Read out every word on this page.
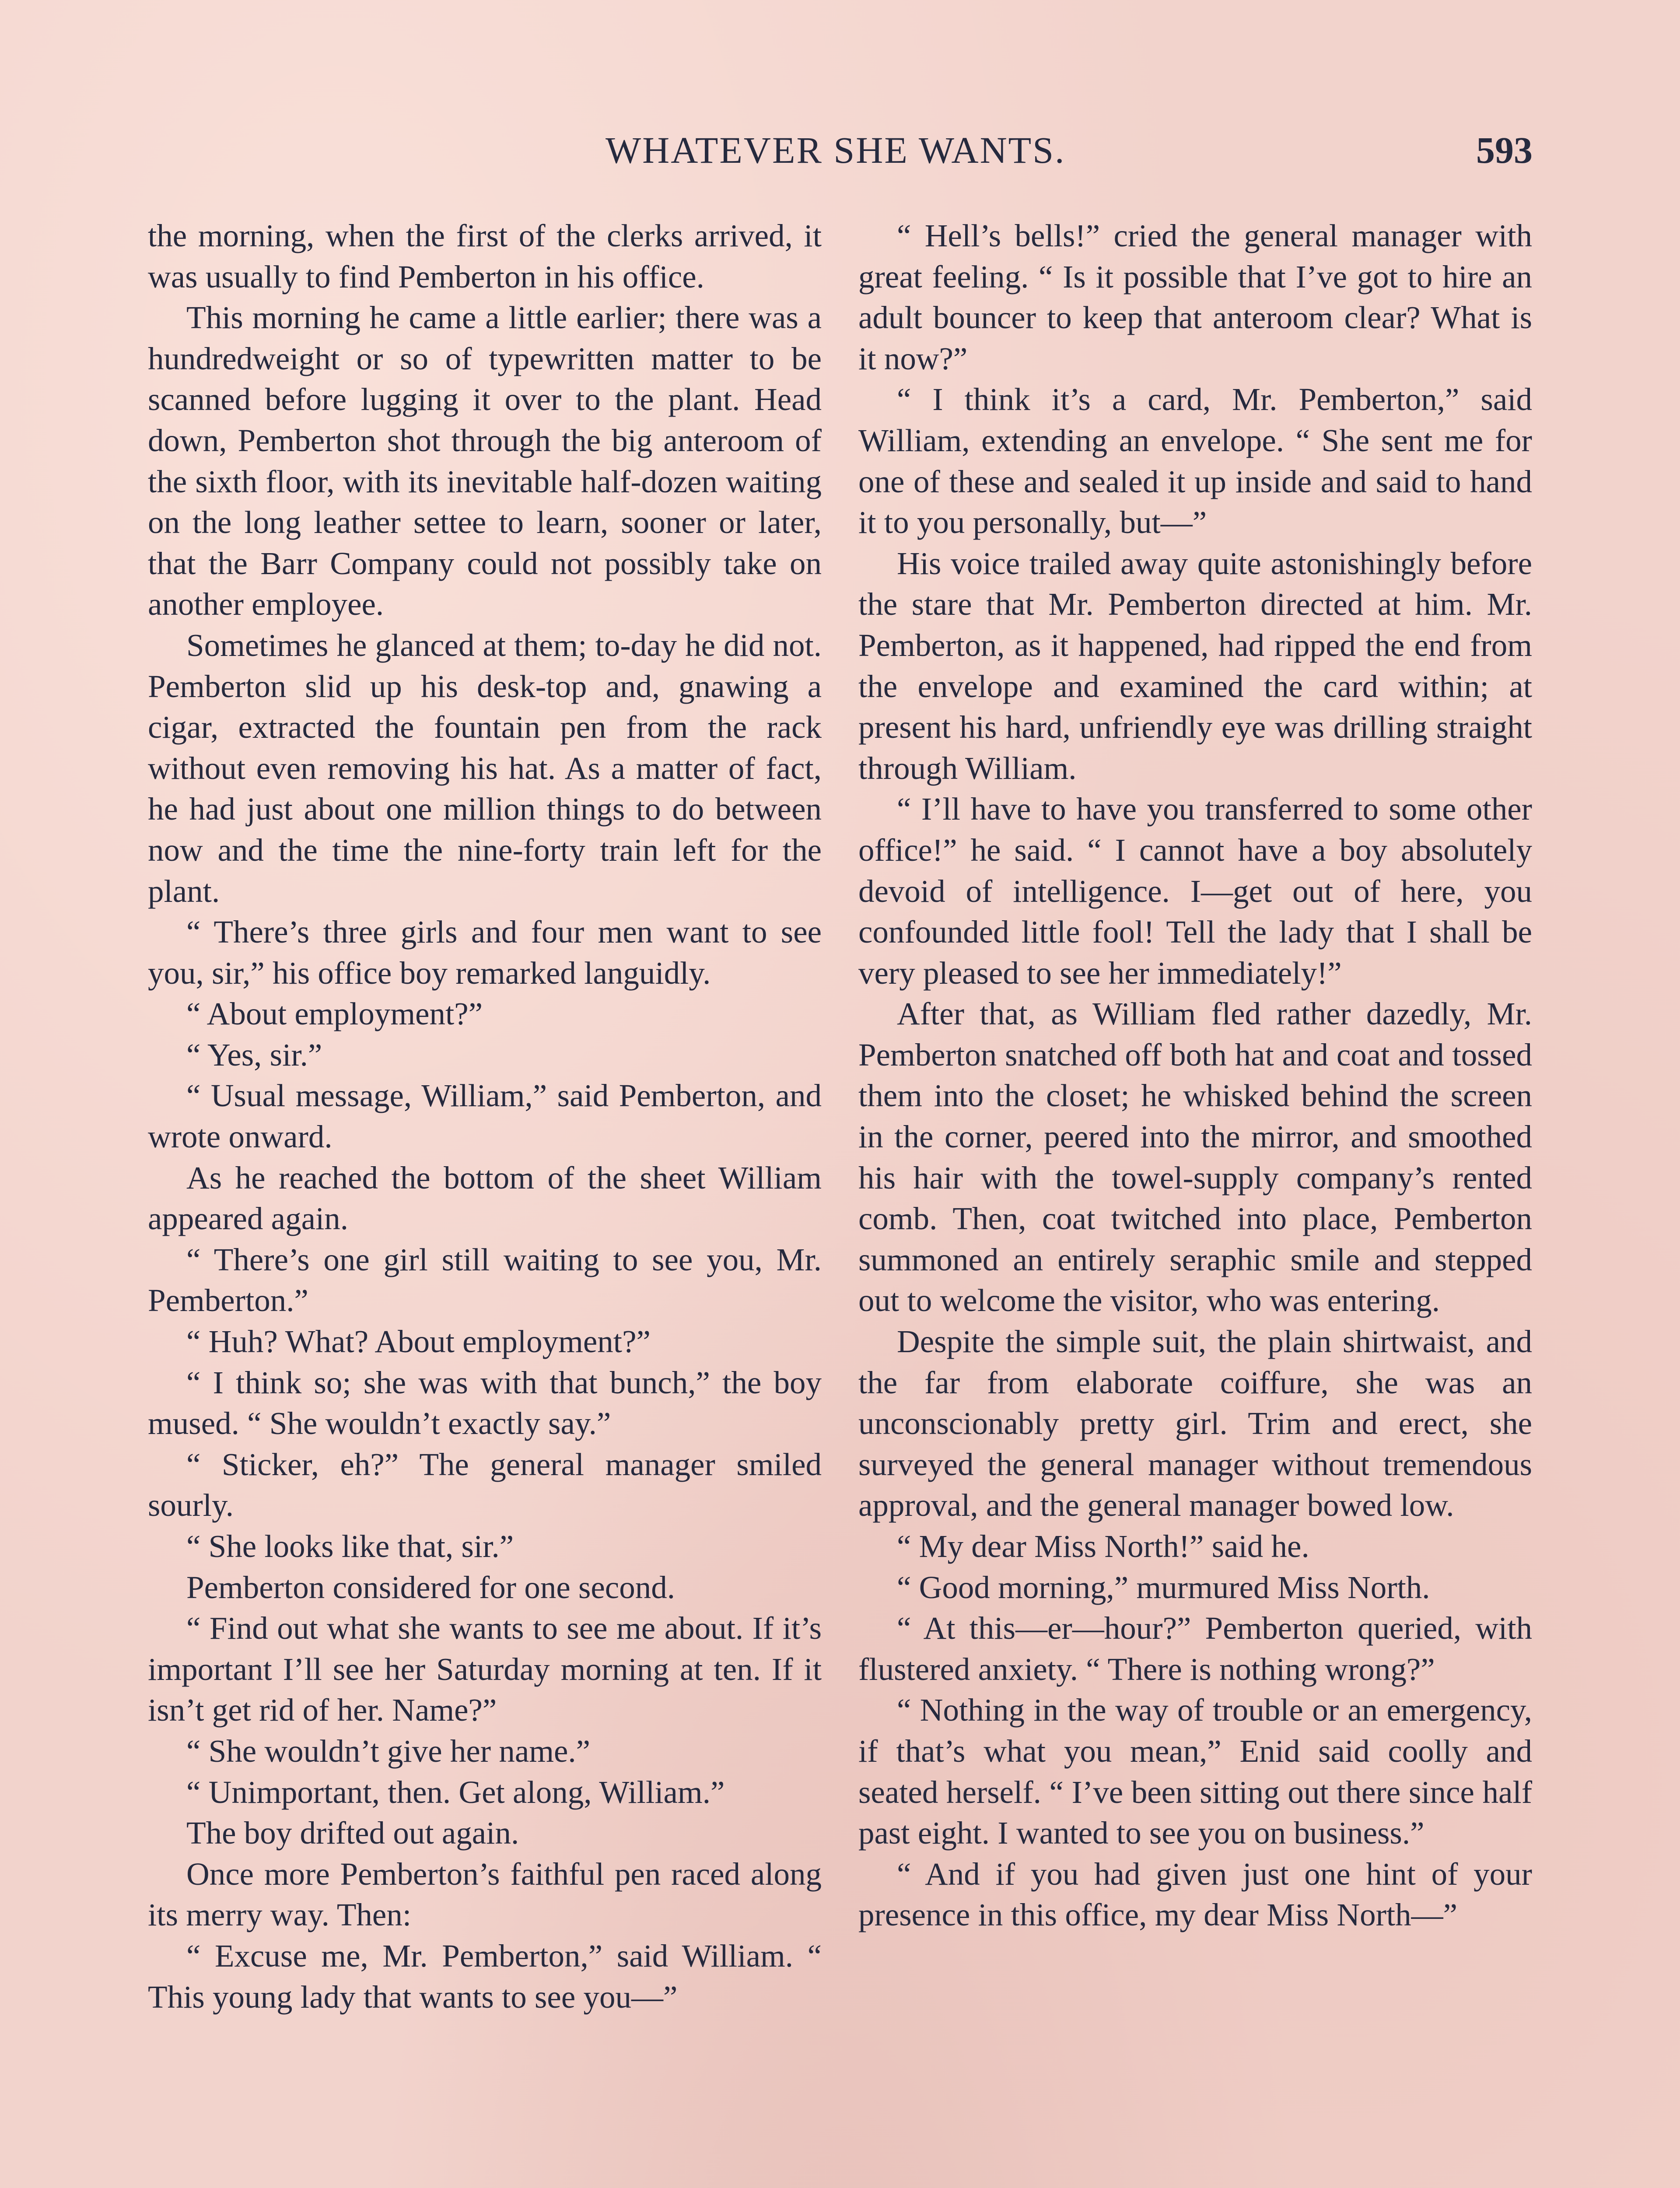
WHATEVER SHE WANTS.	593

the morning, when the first of the clerks arrived, it was usually to find Pemberton in his office.

This morning he came a little earlier; there was a hundredweight or so of typewritten matter to be scanned before lugging it over to the plant. Head down, Pemberton shot through the big anteroom of the sixth floor, with its inevitable half-dozen waiting on the long leather settee to learn, sooner or later, that the Barr Company could not possibly take on another employee.

Sometimes he glanced at them; to-day he did not. Pemberton slid up his desk-top and, gnawing a cigar, extracted the fountain pen from the rack without even removing his hat. As a matter of fact, he had just about one million things to do between now and the time the nine-forty train left for the plant.

“ There’s three girls and four men want to see you, sir,” his office boy remarked languidly.

“ About employment?”

“ Yes, sir.”

“ Usual message, William,” said Pemberton, and wrote onward.

As he reached the bottom of the sheet William appeared again.

“ There’s one girl still waiting to see you, Mr. Pemberton.”

“ Huh? What? About employment?”

“ I think so; she was with that bunch,” the boy mused. “ She wouldn’t exactly say.”

“ Sticker, eh?” The general manager smiled sourly.

“ She looks like that, sir.”

Pemberton considered for one second.

“ Find out what she wants to see me about. If it’s important I’ll see her Saturday morning at ten. If it isn’t get rid of her. Name?”

“ She wouldn’t give her name.”

“ Unimportant, then. Get along, William.”

The boy drifted out again.

Once more Pemberton’s faithful pen raced along its merry way. Then:

“ Excuse me, Mr. Pemberton,” said William. “ This young lady that wants to see you—”

“ Hell’s bells!” cried the general manager with great feeling. “ Is it possible that I’ve got to hire an adult bouncer to keep that anteroom clear? What is it now?”

“ I think it’s a card, Mr. Pemberton,” said William, extending an envelope. “ She sent me for one of these and sealed it up inside and said to hand it to you personally, but—”

His voice trailed away quite astonishingly before the stare that Mr. Pemberton directed at him. Mr. Pemberton, as it happened, had ripped the end from the envelope and examined the card within; at present his hard, unfriendly eye was drilling straight through William.

“ I’ll have to have you transferred to some other office!” he said. “ I cannot have a boy absolutely devoid of intelligence. I—get out of here, you confounded little fool! Tell the lady that I shall be very pleased to see her immediately!”

After that, as William fled rather dazedly, Mr. Pemberton snatched off both hat and coat and tossed them into the closet; he whisked behind the screen in the corner, peered into the mirror, and smoothed his hair with the towel-supply company’s rented comb. Then, coat twitched into place, Pemberton summoned an entirely seraphic smile and stepped out to welcome the visitor, who was entering.

Despite the simple suit, the plain shirtwaist, and the far from elaborate coiffure, she was an unconscionably pretty girl. Trim and erect, she surveyed the general manager without tremendous approval, and the general manager bowed low.

“ My dear Miss North!” said he.

“ Good morning,” murmured Miss North.

“ At this—er—hour?” Pemberton queried, with flustered anxiety. “ There is nothing wrong?”

“ Nothing in the way of trouble or an emergency, if that’s what you mean,” Enid said coolly and seated herself. “ I’ve been sitting out there since half past eight. I wanted to see you on business.”

“ And if you had given just one hint of your presence in this office, my dear Miss North—”
